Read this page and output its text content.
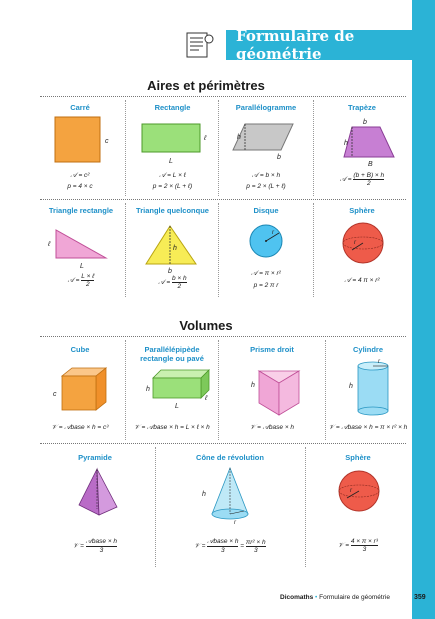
Formulaire de géométrie
Aires et périmètres
Carré
c
𝒜 = c²
p = 4 × c
Rectangle
L
ℓ
𝒜 = L × ℓ
p = 2 × (L + ℓ)
Parallélogramme
h
b
𝒜 = b × h
p = 2 × (L + ℓ)
Trapèze
b
h
B
𝒜 = $\frac{(b + B) \times h}{2}$
Triangle rectangle
ℓ
L
𝒜 =
L × ℓ
2
Triangle quelconque
h
b
𝒜 = $\frac{b \times h}{2}$
Disque
r
𝒜 = π × r²
p = 2 π r
Sphère
r
𝒜 = 4 π × r²
Volumes
Cube
c
𝒱 = 𝒜base × h = c³
Parallélépipède rectangle ou pavé
h
ℓ
L
𝒱 = 𝒜base × h = L × ℓ × h
Prisme droit
h
𝒱 = 𝒜base × h
Cylindre
r
h
𝒱 = 𝒜base × h = π × r² × h
Pyramide
𝒱 =
𝒜base × h
3
Cône de révolution
h
r
𝒱 =
𝒜base × h
3
= $\frac{\text{πr² × h}}{3}$
Sphère
r
𝒱 = $\frac{\text{4 × π × r³}}{3}$
Dicomaths • Formulaire de géométrie	359
